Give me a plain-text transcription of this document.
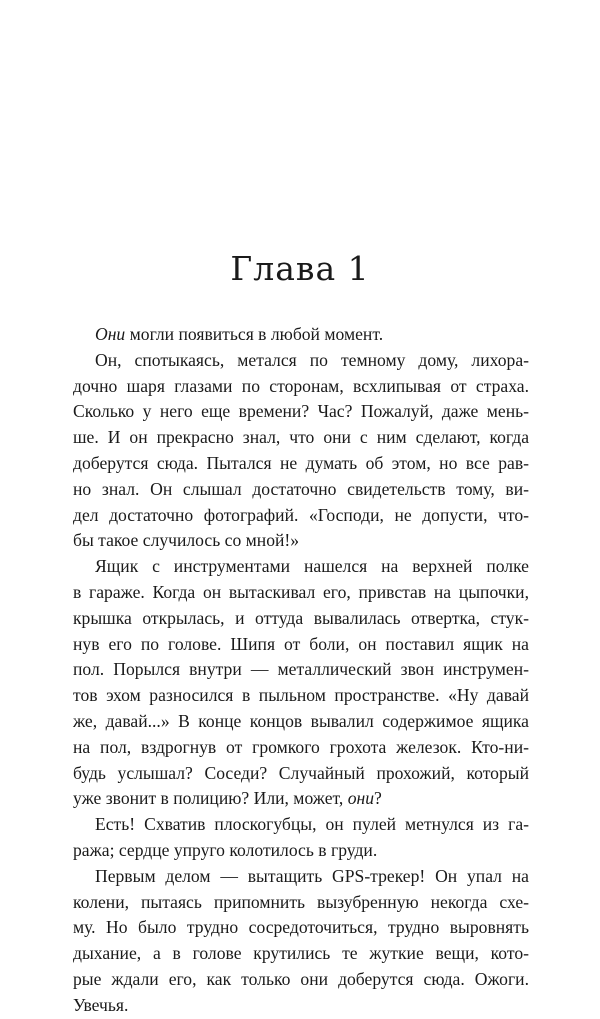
Глава 1
Они могли появиться в любой момент.
Он, спотыкаясь, метался по темному дому, лихора-
дочно шаря глазами по сторонам, всхлипывая от страха.
Сколько у него еще времени? Час? Пожалуй, даже мень-
ше. И он прекрасно знал, что они с ним сделают, когда
доберутся сюда. Пытался не думать об этом, но все рав-
но знал. Он слышал достаточно свидетельств тому, ви-
дел достаточно фотографий. «Господи, не допусти, что-
бы такое случилось со мной!»
Ящик с инструментами нашелся на верхней полке
в гараже. Когда он вытаскивал его, привстав на цыпочки,
крышка открылась, и оттуда вывалилась отвертка, стук-
нув его по голове. Шипя от боли, он поставил ящик на
пол. Порылся внутри — металлический звон инструмен-
тов эхом разносился в пыльном пространстве. «Ну давай
же, давай...» В конце концов вывалил содержимое ящика
на пол, вздрогнув от громкого грохота железок. Кто-ни-
будь услышал? Соседи? Случайный прохожий, который
уже звонит в полицию? Или, может, они?
Есть! Схватив плоскогубцы, он пулей метнулся из га-
ража; сердце упруго колотилось в груди.
Первым делом — вытащить GPS-трекер! Он упал на
колени, пытаясь припомнить вызубренную некогда схе-
му. Но было трудно сосредоточиться, трудно выровнять
дыхание, а в голове крутились те жуткие вещи, кото-
рые ждали его, как только они доберутся сюда. Ожоги.
Увечья.
